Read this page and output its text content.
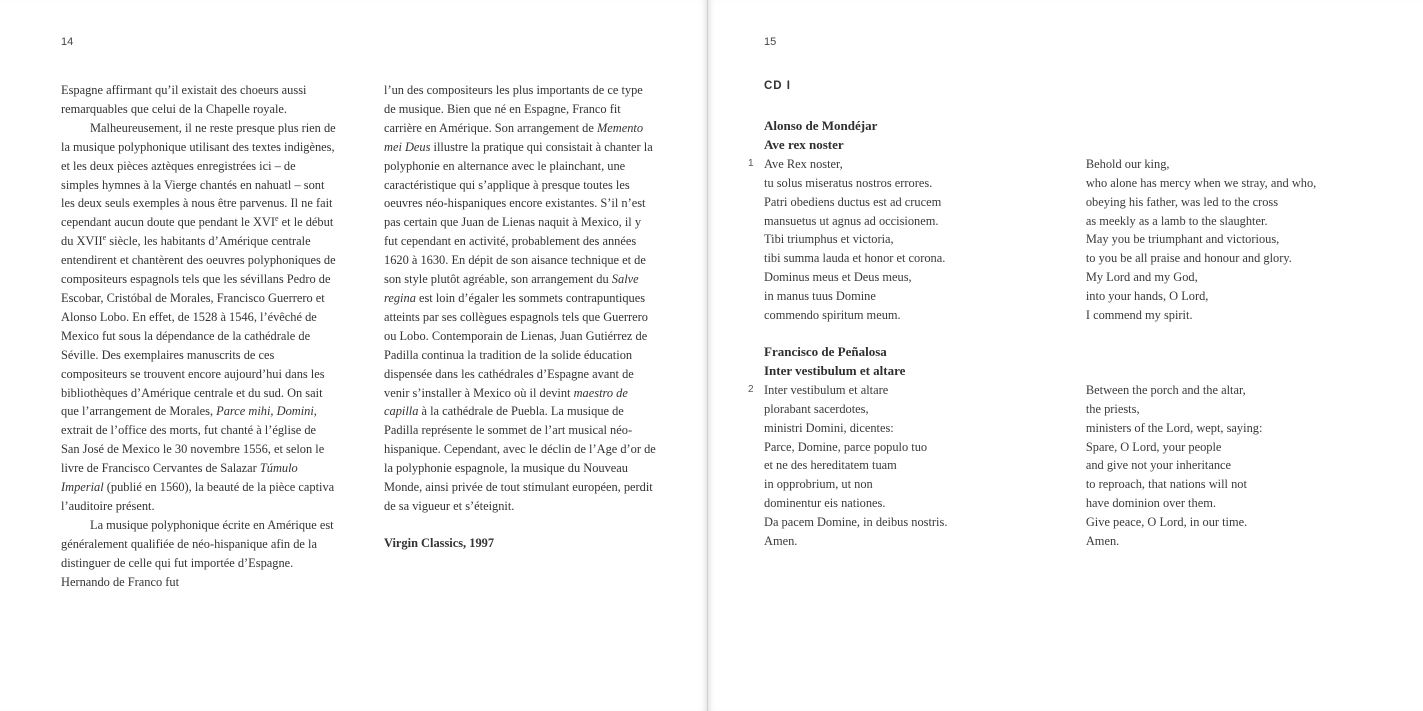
14

Espagne affirmant qu’il existait des choeurs aussi remarquables que celui de la Chapelle royale.

Malheureusement, il ne reste presque plus rien de la musique polyphonique utilisant des textes indigènes, et les deux pièces aztèques enregistrées ici – de simples hymnes à la Vierge chantés en nahuatl – sont les deux seuls exemples à nous être parvenus. Il ne fait cependant aucun doute que pendant le XVIe et le début du XVIIe siècle, les habitants d’Amérique centrale entendirent et chantèrent des oeuvres polyphoniques de compositeurs espagnols tels que les sévillans Pedro de Escobar, Cristóbal de Morales, Francisco Guerrero et Alonso Lobo. En effet, de 1528 à 1546, l’évêché de Mexico fut sous la dépendance de la cathédrale de Séville. Des exemplaires manuscrits de ces compositeurs se trouvent encore aujourd’hui dans les bibliothèques d’Amérique centrale et du sud. On sait que l’arrangement de Morales, Parce mihi, Domini, extrait de l’office des morts, fut chanté à l’église de San José de Mexico le 30 novembre 1556, et selon le livre de Francisco Cervantes de Salazar Túmulo Imperial (publié en 1560), la beauté de la pièce captiva l’auditoire présent.

La musique polyphonique écrite en Amérique est généralement qualifiée de néo-hispanique afin de la distinguer de celle qui fut importée d’Espagne. Hernando de Franco fut

l’un des compositeurs les plus importants de ce type de musique. Bien que né en Espagne, Franco fit carrière en Amérique. Son arrangement de Memento mei Deus illustre la pratique qui consistait à chanter la polyphonie en alternance avec le plainchant, une caractéristique qui s’applique à presque toutes les oeuvres néo-hispaniques encore existantes. S’il n’est pas certain que Juan de Lienas naquit à Mexico, il y fut cependant en activité, probablement des années 1620 à 1630. En dépit de son aisance technique et de son style plutôt agréable, son arrangement du Salve regina est loin d’égaler les sommets contrapuntiques atteints par ses collègues espagnols tels que Guerrero ou Lobo. Contemporain de Lienas, Juan Gutiérrez de Padilla continua la tradition de la solide éducation dispensée dans les cathédrales d’Espagne avant de venir s’installer à Mexico où il devint maestro de capilla à la cathédrale de Puebla. La musique de Padilla représente le sommet de l’art musical néo-hispanique. Cependant, avec le déclin de l’Age d’or de la polyphonie espagnole, la musique du Nouveau Monde, ainsi privée de tout stimulant européen, perdit de sa vigueur et s’éteignit.

Virgin Classics, 1997

15
CD I
Alonso de Mondéjar
Ave rex noster
1 Ave Rex noster,
tu solus miseratus nostros errores.
Patri obediens ductus est ad crucem
mansuetus ut agnus ad occisionem.
Tibi triumphus et victoria,
tibi summa lauda et honor et corona.
Dominus meus et Deus meus,
in manus tuus Domine
commendo spiritum meum.
Behold our king,
who alone has mercy when we stray, and who,
obeying his father, was led to the cross
as meekly as a lamb to the slaughter.
May you be triumphant and victorious,
to you be all praise and honour and glory.
My Lord and my God,
into your hands, O Lord,
I commend my spirit.
Francisco de Peñalosa
Inter vestibulum et altare
2 Inter vestibulum et altare
plorabant sacerdotes,
ministri Domini, dicentes:
Parce, Domine, parce populo tuo
et ne des hereditatem tuam
in opprobrium, ut non
dominentur eis nationes.
Da pacem Domine, in deibus nostris.
Amen.
Between the porch and the altar,
the priests,
ministers of the Lord, wept, saying:
Spare, O Lord, your people
and give not your inheritance
to reproach, that nations will not
have dominion over them.
Give peace, O Lord, in our time.
Amen.
